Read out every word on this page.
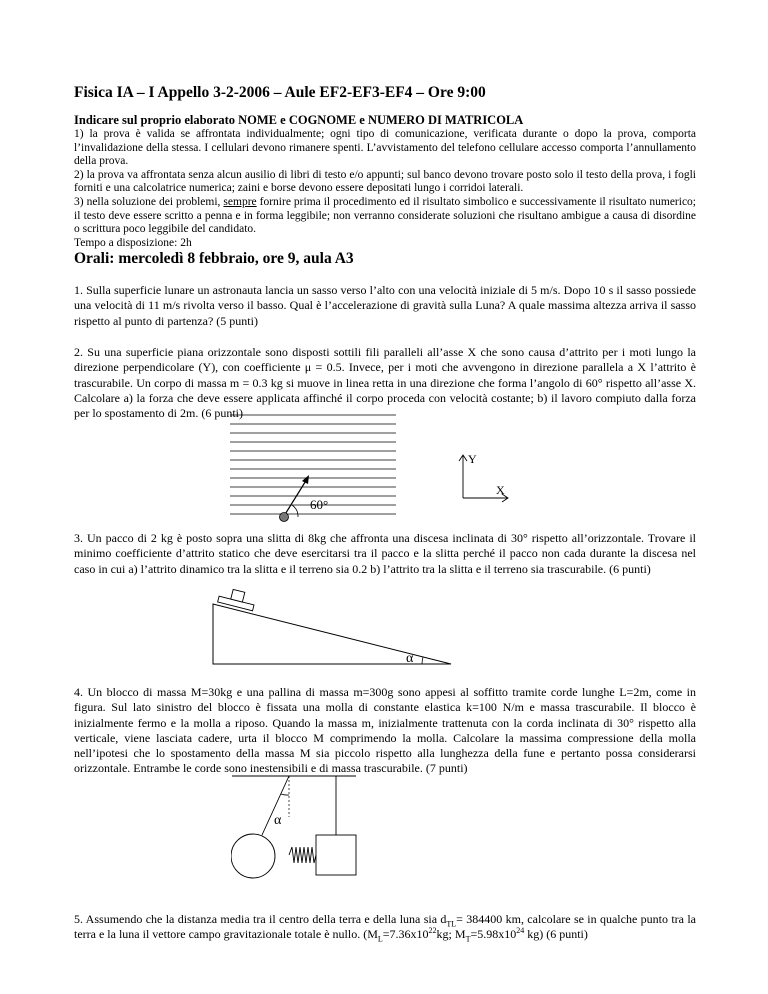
Fisica IA – I Appello 3-2-2006 – Aule EF2-EF3-EF4 – Ore 9:00
Indicare sul proprio elaborato NOME e COGNOME e NUMERO DI MATRICOLA

1) la prova è valida se affrontata individualmente; ogni tipo di comunicazione, verificata durante o dopo la prova, comporta l’invalidazione della stessa. I cellulari devono rimanere spenti. L’avvistamento del telefono cellulare accesso comporta l’annullamento della prova.

2) la prova va affrontata senza alcun ausilio di libri di testo e/o appunti; sul banco devono trovare posto solo il testo della prova, i fogli forniti e una calcolatrice numerica; zaini e borse devono essere depositati lungo i corridoi laterali.

3) nella soluzione dei problemi, sempre fornire prima il procedimento ed il risultato simbolico e successivamente il risultato numerico; il testo deve essere scritto a penna e in forma leggibile; non verranno considerate soluzioni che risultano ambigue a causa di disordine o scrittura poco leggibile del candidato.

Tempo a disposizione: 2h

Orali: mercoledì 8 febbraio, ore 9, aula A3

1. Sulla superficie lunare un astronauta lancia un sasso verso l’alto con una velocità iniziale di 5 m/s. Dopo 10 s il sasso possiede una velocità di 11 m/s rivolta verso il basso. Qual è l’accelerazione di gravità sulla Luna? A quale massima altezza arriva il sasso rispetto al punto di partenza? (5 punti)

2. Su una superficie piana orizzontale sono disposti sottili fili paralleli all’asse X che sono causa d’attrito per i moti lungo la direzione perpendicolare (Y), con coefficiente μ = 0.5. Invece, per i moti che avvengono in direzione parallela a X l’attrito è trascurabile. Un corpo di massa m = 0.3 kg si muove in linea retta in una direzione che forma l’angolo di 60° rispetto all’asse X. Calcolare a) la forza che deve essere applicata affinché il corpo proceda con velocità costante; b) il lavoro compiuto dalla forza per lo spostamento di 2m. (6 punti)

60°
Y
X

3. Un pacco di 2 kg è posto sopra una slitta di 8kg che affronta una discesa inclinata di 30° rispetto all’orizzontale. Trovare il minimo coefficiente d’attrito statico che deve esercitarsi tra il pacco e la slitta perché il pacco non cada durante la discesa nel caso in cui a) l’attrito dinamico tra la slitta e il terreno sia 0.2 b) l’attrito tra la slitta e il terreno sia trascurabile. (6 punti)

α

4. Un blocco di massa M=30kg e una pallina di massa m=300g sono appesi al soffitto tramite corde lunghe L=2m, come in figura. Sul lato sinistro del blocco è fissata una molla di constante elastica k=100 N/m e massa trascurabile. Il blocco è inizialmente fermo e la molla a riposo. Quando la massa m, inizialmente trattenuta con la corda inclinata di 30° rispetto alla verticale, viene lasciata cadere, urta il blocco M comprimendo la molla. Calcolare la massima compressione della molla nell’ipotesi che lo spostamento della massa M sia piccolo rispetto alla lunghezza della fune e pertanto possa considerarsi orizzontale. Entrambe le corde sono inestensibili e di massa trascurabile. (7 punti)

α

5. Assumendo che la distanza media tra il centro della terra e della luna sia $d_{TL}= 384400$ km, calcolare se in qualche punto tra la terra e la luna il vettore campo gravitazionale totale è nullo. ($M_L=7.36x10^{22}kg$; $M_T=5.98x10^{24}$ kg) (6 punti)
